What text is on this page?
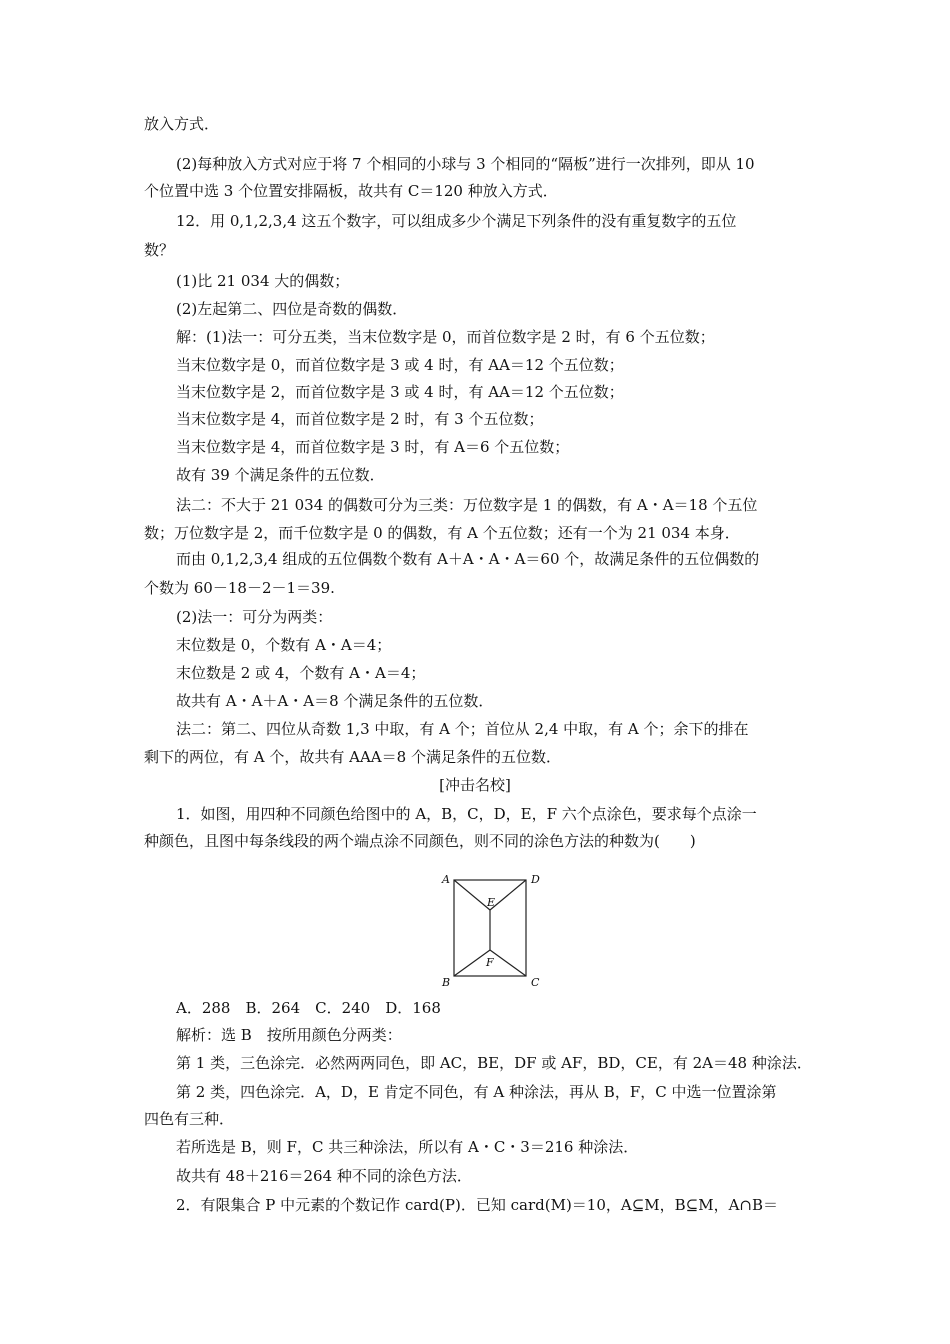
放入方式．
(2)每种放入方式对应于将 7 个相同的小球与 3 个相同的“隔板”进行一次排列，即从 10
个位置中选 3 个位置安排隔板，故共有 C＝120 种放入方式．
12．用 0,1,2,3,4 这五个数字，可以组成多少个满足下列条件的没有重复数字的五位
数？
(1)比 21 034 大的偶数；
(2)左起第二、四位是奇数的偶数．
解：(1)法一：可分五类，当末位数字是 0，而首位数字是 2 时，有 6 个五位数；
当末位数字是 0，而首位数字是 3 或 4 时，有 AA＝12 个五位数；
当末位数字是 2，而首位数字是 3 或 4 时，有 AA＝12 个五位数；
当末位数字是 4，而首位数字是 2 时，有 3 个五位数；
当末位数字是 4，而首位数字是 3 时，有 A＝6 个五位数；
故有 39 个满足条件的五位数．
法二：不大于 21 034 的偶数可分为三类：万位数字是 1 的偶数，有 A・A＝18 个五位
数；万位数字是 2，而千位数字是 0 的偶数，有 A 个五位数；还有一个为 21 034 本身．
而由 0,1,2,3,4 组成的五位偶数个数有 A＋A・A・A＝60 个，故满足条件的五位偶数的
个数为 60－18－2－1＝39.
(2)法一：可分为两类：
末位数是 0，个数有 A・A＝4；
末位数是 2 或 4，个数有 A・A＝4；
故共有 A・A＋A・A＝8 个满足条件的五位数．
法二：第二、四位从奇数 1,3 中取，有 A 个；首位从 2,4 中取，有 A 个；余下的排在
剩下的两位，有 A 个，故共有 AAA＝8 个满足条件的五位数．
[冲击名校]
1．如图，用四种不同颜色给图中的 A，B，C，D，E，F 六个点涂色，要求每个点涂一
种颜色，且图中每条线段的两个端点涂不同颜色，则不同的涂色方法的种数为(　　)
A	D
E
F
B	C
A．288　B．264　C．240　D．168
解析：选 B　按所用颜色分两类：
第 1 类，三色涂完．必然两两同色，即 AC，BE，DF 或 AF，BD，CE，有 2A＝48 种涂法．
第 2 类，四色涂完．A，D，E 肯定不同色，有 A 种涂法，再从 B，F，C 中选一位置涂第
四色有三种．
若所选是 B，则 F，C 共三种涂法，所以有 A・C・3＝216 种涂法．
故共有 48＋216＝264 种不同的涂色方法．
2．有限集合 P 中元素的个数记作 card(P)．已知 card(M)＝10，A⊆M，B⊆M，A∩B＝
